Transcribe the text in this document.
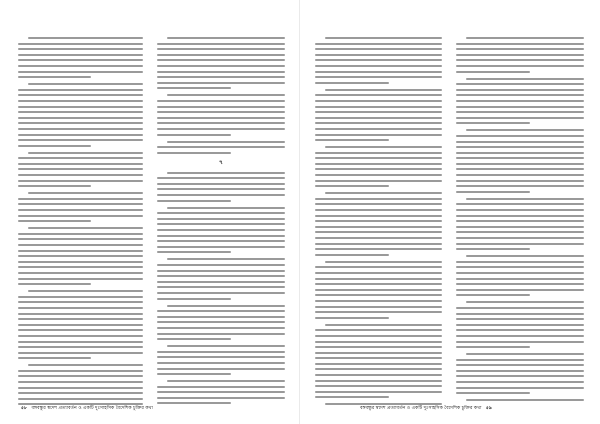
৭
৫৮ বঙ্গবন্ধুর স্বদেশ প্রত্যাবর্তন ও একটি দুঃসাহসিক বৈদেশিক চুক্তির কথা	বঙ্গবন্ধুর স্বদেশ প্রত্যাবর্তন ও একটি দুঃসাহসিক বৈদেশিক চুক্তির কথা ৫৯
